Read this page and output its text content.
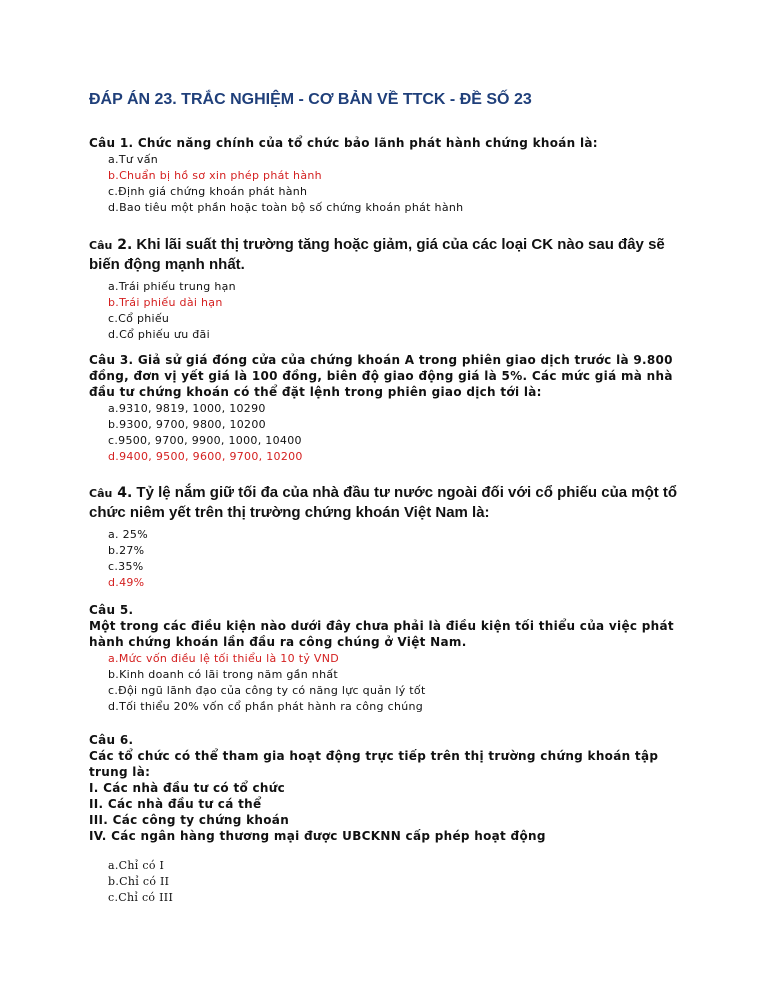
ĐÁP ÁN 23. TRẮC NGHIỆM - CƠ BẢN VỀ TTCK - ĐỀ SỐ 23
Câu 1. Chức năng chính của tổ chức bảo lãnh phát hành chứng khoán là:
a.Tư vấn
b.Chuẩn bị hồ sơ xin phép phát hành
c.Định giá chứng khoán phát hành
d.Bao tiêu một phần hoặc toàn bộ số chứng khoán phát hành
Câu 2. Khi lãi suất thị trường tăng hoặc giảm, giá của các loại CK nào sau đây sẽ biến động mạnh nhất.
a.Trái phiếu trung hạn
b.Trái phiếu dài hạn
c.Cổ phiếu
d.Cổ phiếu ưu đãi
Câu 3. Giả sử giá đóng cửa của chứng khoán A trong phiên giao dịch trước là 9.800 đồng, đơn vị yết giá là 100 đồng, biên độ giao động giá là 5%. Các mức giá mà nhà đầu tư chứng khoán có thể đặt lệnh trong phiên giao dịch tới là:
a.9310, 9819, 1000, 10290
b.9300, 9700, 9800, 10200
c.9500, 9700, 9900, 1000, 10400
d.9400, 9500, 9600, 9700, 10200
Câu 4. Tỷ lệ nắm giữ tối đa của nhà đầu tư nước ngoài đối với cổ phiếu của một tổ chức niêm yết trên thị trường chứng khoán Việt Nam là:
a. 25%
b.27%
c.35%
d.49%
Câu 5.
Một trong các điều kiện nào dưới đây chưa phải là điều kiện tối thiểu của việc phát hành chứng khoán lần đầu ra công chúng ở Việt Nam.
a.Mức vốn điều lệ tối thiểu là 10 tỷ VND
b.Kinh doanh có lãi trong năm gần nhất
c.Đội ngũ lãnh đạo của công ty có năng lực quản lý tốt
d.Tối thiểu 20% vốn cổ phần phát hành ra công chúng
Câu 6.
Các tổ chức có thể tham gia hoạt động trực tiếp trên thị trường chứng khoán tập trung là:
I. Các nhà đầu tư có tổ chức
II. Các nhà đầu tư cá thể
III. Các công ty chứng khoán
IV. Các ngân hàng thương mại được UBCKNN cấp phép hoạt động
a.Chỉ có I
b.Chỉ có II
c.Chỉ có III
